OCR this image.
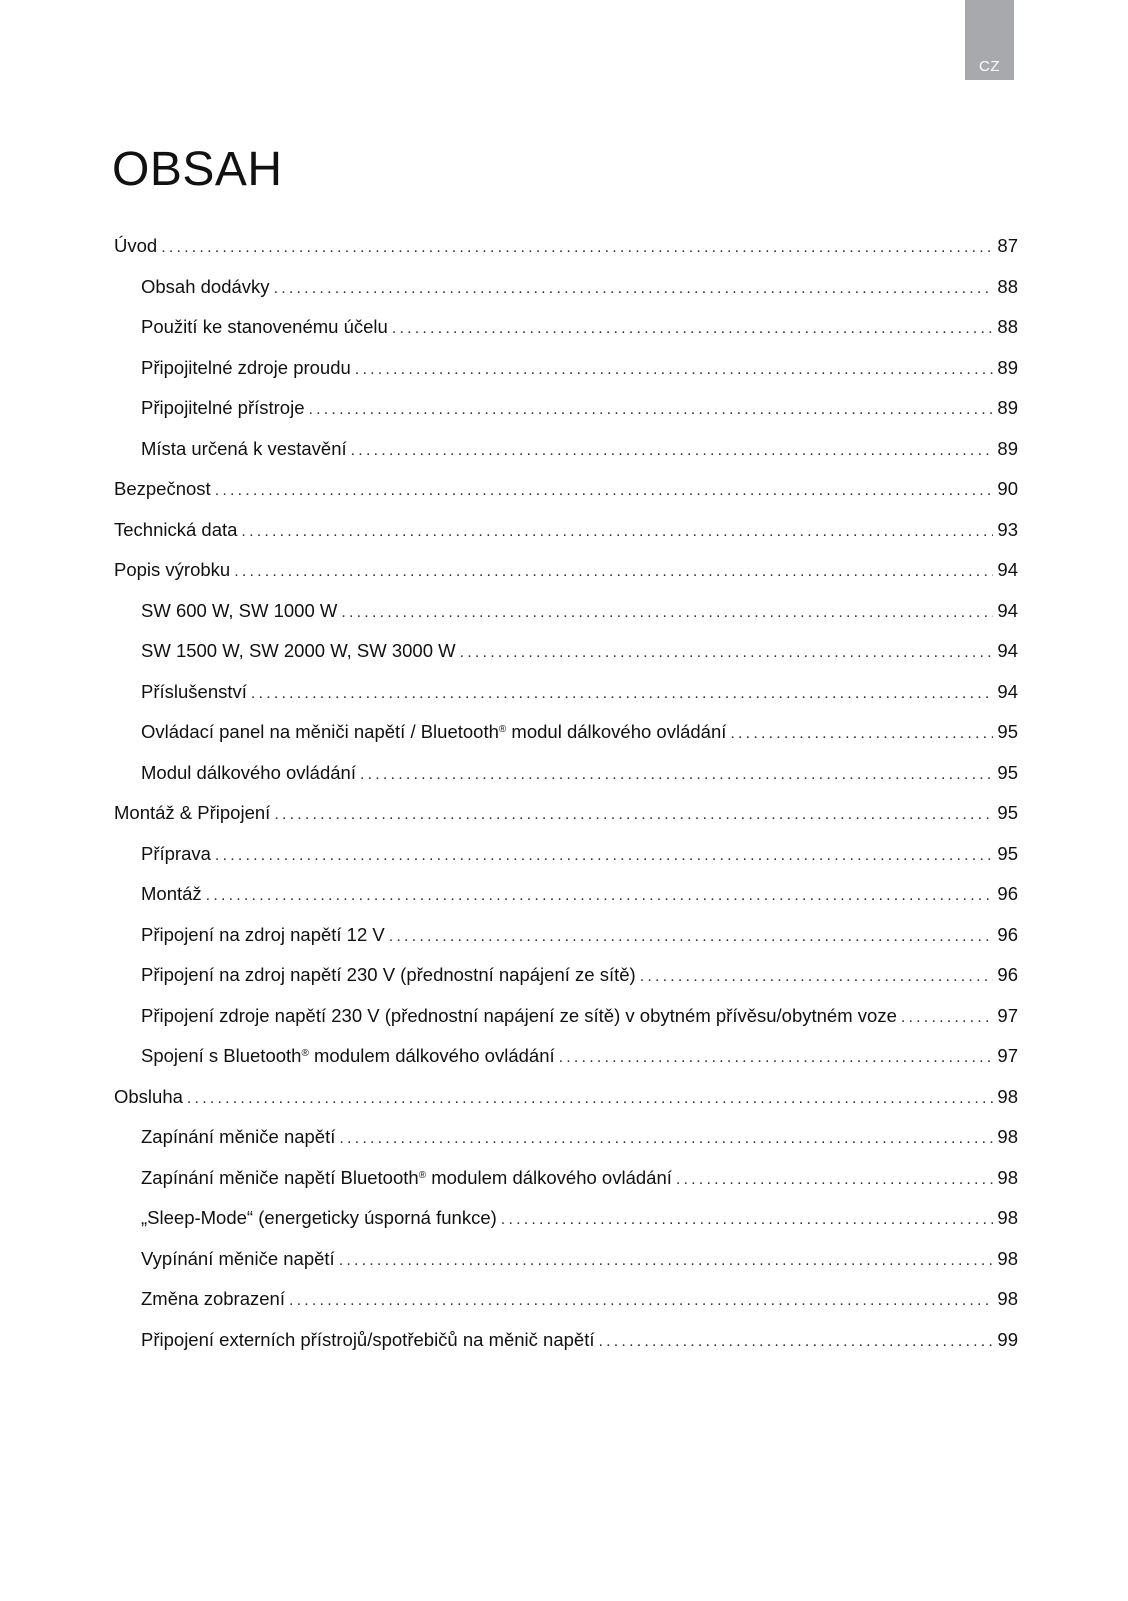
CZ
OBSAH
Úvod .....	87
Obsah dodávky .....	88
Použití ke stanovenému účelu .....	88
Připojitelné zdroje proudu .....	89
Připojitelné přístroje .....	89
Místa určená k vestavění .....	89
Bezpečnost .....	90
Technická data .....	93
Popis výrobku .....	94
SW 600 W, SW 1000 W .....	94
SW 1500 W, SW 2000 W, SW 3000 W .....	94
Příslušenství .....	94
Ovládací panel na měniči napětí / Bluetooth® modul dálkového ovládání .....	95
Modul dálkového ovládání .....	95
Montáž & Připojení .....	95
Příprava .....	95
Montáž .....	96
Připojení na zdroj napětí 12 V .....	96
Připojení na zdroj napětí 230 V (přednostní napájení ze sítě) .....	96
Připojení zdroje napětí 230 V (přednostní napájení ze sítě) v obytném přívěsu/obytném voze .....	97
Spojení s Bluetooth® modulem dálkového ovládání .....	97
Obsluha .....	98
Zapínání měniče napětí .....	98
Zapínání měniče napětí Bluetooth® modulem dálkového ovládání .....	98
„Sleep-Mode“ (energeticky úsporná funkce) .....	98
Vypínání měniče napětí .....	98
Změna zobrazení .....	98
Připojení externích přístrojů/spotřebičů na měnič napětí .....	99
